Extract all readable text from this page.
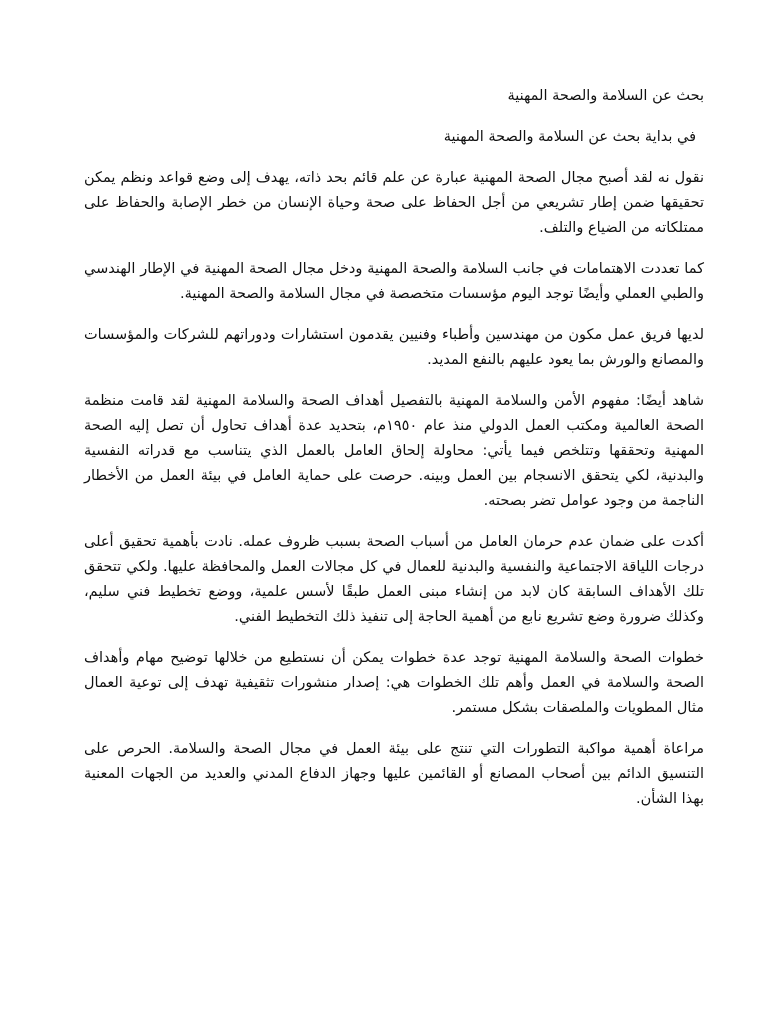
بحث عن السلامة والصحة المهنية

في بداية بحث عن السلامة والصحة المهنية

نقول نه لقد أصبح مجال الصحة المهنية عبارة عن علم قائم بحد ذاته، يهدف إلى وضع قواعد ونظم يمكن تحقيقها ضمن إطار تشريعي من أجل الحفاظ على صحة وحياة الإنسان من خطر الإصابة والحفاظ على ممتلكاته من الضياع والتلف.

كما تعددت الاهتمامات في جانب السلامة والصحة المهنية ودخل مجال الصحة المهنية في الإطار الهندسي والطبي العملي وأيضًا توجد اليوم مؤسسات متخصصة في مجال السلامة والصحة المهنية.

لديها فريق عمل مكون من مهندسين وأطباء وفنيين يقدمون استشارات ودوراتهم للشركات والمؤسسات والمصانع والورش بما يعود عليهم بالنفع المديد.

شاهد أيضًا: مفهوم الأمن والسلامة المهنية بالتفصيل أهداف الصحة والسلامة المهنية لقد قامت منظمة الصحة العالمية ومكتب العمل الدولي منذ عام ١٩٥٠م، بتحديد عدة أهداف تحاول أن تصل إليه الصحة المهنية وتحققها وتتلخص فيما يأتي: محاولة إلحاق العامل بالعمل الذي يتناسب مع قدراته النفسية والبدنية، لكي يتحقق الانسجام بين العمل وبينه. حرصت على حماية العامل في بيئة العمل من الأخطار الناجمة من وجود عوامل تضر بصحته.

أكدت على ضمان عدم حرمان العامل من أسباب الصحة بسبب ظروف عمله. نادت بأهمية تحقيق أعلى درجات اللياقة الاجتماعية والنفسية والبدنية للعمال في كل مجالات العمل والمحافظة عليها. ولكي تتحقق تلك الأهداف السابقة كان لابد من إنشاء مبنى العمل طبقًا لأسس علمية، ووضع تخطيط فني سليم، وكذلك ضرورة وضع تشريع نابع من أهمية الحاجة إلى تنفيذ ذلك التخطيط الفني.

خطوات الصحة والسلامة المهنية توجد عدة خطوات يمكن أن نستطيع من خلالها توضيح مهام وأهداف الصحة والسلامة في العمل وأهم تلك الخطوات هي: إصدار منشورات تثقيفية تهدف إلى توعية العمال مثال المطويات والملصقات بشكل مستمر.

مراعاة أهمية مواكبة التطورات التي تنتج على بيئة العمل في مجال الصحة والسلامة. الحرص على التنسيق الدائم بين أصحاب المصانع أو القائمين عليها وجهاز الدفاع المدني والعديد من الجهات المعنية بهذا الشأن.
